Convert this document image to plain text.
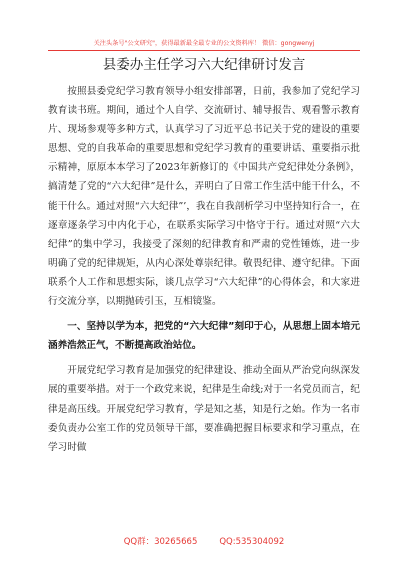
关注头条号"公文研究"，获得最新最全最专业的公文资料库！ 微信：gongwenyj
县委办主任学习六大纪律研讨发言

按照县委党纪学习教育领导小组安排部署，日前，我参加了党纪学习教育读书班。期间，通过个人自学、交流研讨、辅导报告、观看警示教育片、现场参观等多种方式，认真学习了习近平总书记关于党的建设的重要思想、党的自我革命的重要思想和党纪学习教育的重要讲话、重要指示批示精神，原原本本学习了2023年新修订的《中国共产党纪律处分条例》，搞清楚了党的“六大纪律”是什么，弄明白了日常工作生活中能干什么，不能干什么。通过对照“六大纪律”’，我在自我剖析学习中坚持知行合一，在逐章逐条学习中内化于心，在联系实际学习中恪守于行。通过对照“六大纪律”的集中学习，我接受了深刻的纪律教育和严肃的党性锤炼，进一步明确了党的纪律规矩，从内心深处尊崇纪律。敬畏纪律、遵守纪律。下面联系个人工作和思想实际，谈几点学习“六大纪律”的心得体会，和大家进行交流分享，以期抛砖引玉，互相镜鉴。

一、坚持以学为本，把党的“六大纪律”刻印于心，从思想上固本培元涵养浩然正气，不断提高政治站位。

开展党纪学习教育是加强党的纪律建设、推动全面从严治党向纵深发展的重要举措。对于一个政党来说，纪律是生命线;对于一名党员而言，纪律是高压线。开展党纪学习教育，学是知之基，知是行之始。作为一名市委负责办公室工作的党员领导干部，要准确把握目标要求和学习重点，在学习时做

QQ群：30265665	QQ:535304092
